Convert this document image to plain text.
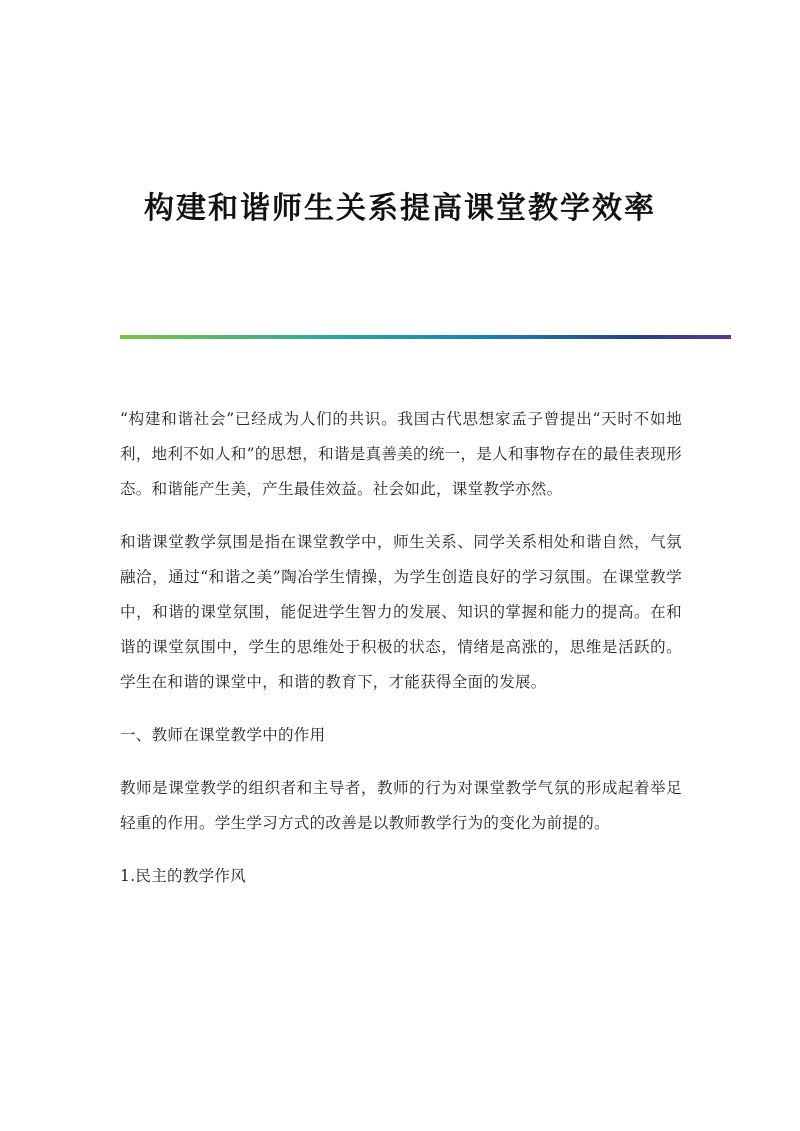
构建和谐师生关系提高课堂教学效率

“构建和谐社会”已经成为人们的共识。我国古代思想家孟子曾提出“天时不如地利，地利不如人和”的思想，和谐是真善美的统一，是人和事物存在的最佳表现形态。和谐能产生美，产生最佳效益。社会如此，课堂教学亦然。

和谐课堂教学氛围是指在课堂教学中，师生关系、同学关系相处和谐自然，气氛融洽，通过“和谐之美”陶冶学生情操，为学生创造良好的学习氛围。在课堂教学中，和谐的课堂氛围，能促进学生智力的发展、知识的掌握和能力的提高。在和谐的课堂氛围中，学生的思维处于积极的状态，情绪是高涨的，思维是活跃的。学生在和谐的课堂中，和谐的教育下，才能获得全面的发展。

一、教师在课堂教学中的作用

教师是课堂教学的组织者和主导者，教师的行为对课堂教学气氛的形成起着举足轻重的作用。学生学习方式的改善是以教师教学行为的变化为前提的。

1.民主的教学作风
